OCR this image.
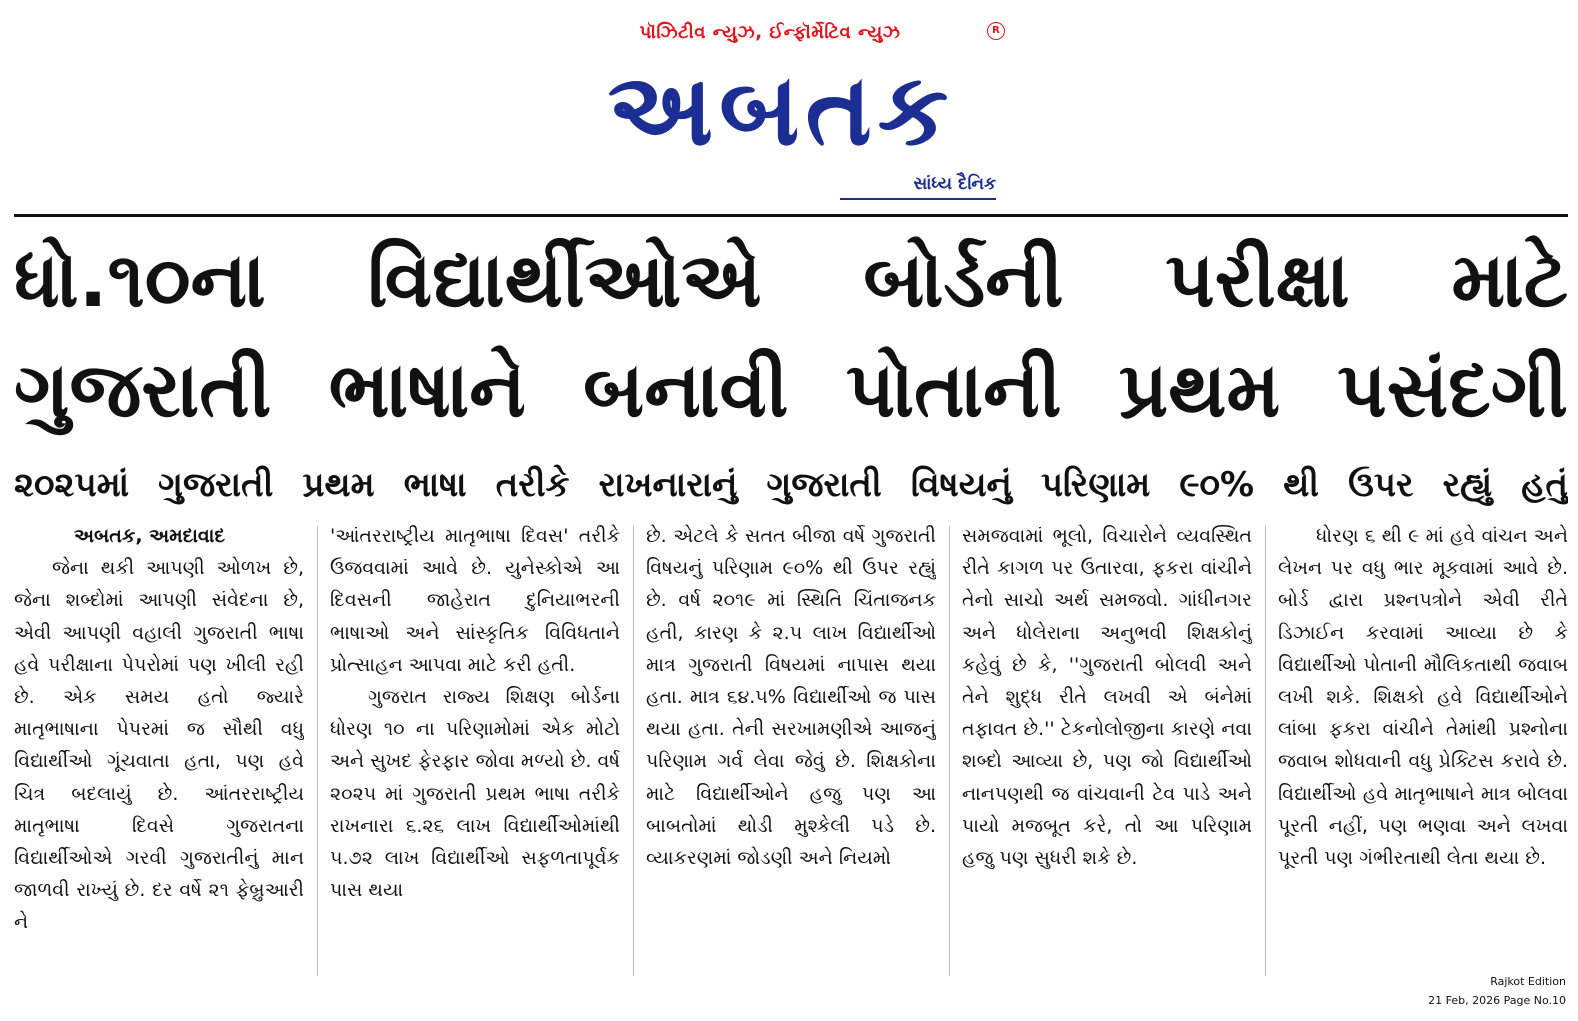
પૉઝિટીવ ન્યુઝ, ઈન્ફૉર્મેટિવ ન્યુઝ	R
અબતક
સાંધ્ય દૈનિક
ધો.૧૦ના વિદ્યાર્થીઓએ બોર્ડની પરીક્ષા માટે
ગુજરાતી ભાષાને બનાવી પોતાની પ્રથમ પસંદગી
૨૦૨૫માં ગુજરાતી પ્રથમ ભાષા તરીકે રાખનારાનું ગુજરાતી વિષયનું પરિણામ ૯૦% થી ઉપર રહ્યું હતું

અબતક, અમદાવાદ

જેના થકી આપણી ઓળખ છે, જેના શબ્દોમાં આપણી સંવેદના છે, એવી આપણી વહાલી ગુજરાતી ભાષા હવે પરીક્ષાના પેપરોમાં પણ ખીલી રહી છે. એક સમય હતો જ્યારે માતૃભાષાના પેપરમાં જ સૌથી વધુ વિદ્યાર્થીઓ ગૂંચવાતા હતા, પણ હવે ચિત્ર બદલાયું છે. આંતરરાષ્ટ્રીય માતૃભાષા દિવસે ગુજરાતના વિદ્યાર્થીઓએ ગરવી ગુજરાતીનું માન જાળવી રાખ્યું છે. દર વર્ષે ૨૧ ફેબ્રુઆરી ને

'આંતરરાષ્ટ્રીય માતૃભાષા દિવસ' તરીકે ઉજવવામાં આવે છે. યુનેસ્કોએ આ દિવસની જાહેરાત દુનિયાભરની ભાષાઓ અને સાંસ્કૃતિક વિવિધતાને પ્રોત્સાહન આપવા માટે કરી હતી.

ગુજરાત રાજ્ય શિક્ષણ બોર્ડના ધોરણ ૧૦ ના પરિણામોમાં એક મોટો અને સુખદ ફેરફાર જોવા મળ્યો છે. વર્ષ ૨૦૨૫ માં ગુજરાતી પ્રથમ ભાષા તરીકે રાખનારા ૬.૨૬ લાખ વિદ્યાર્થીઓમાંથી ૫.૭૨ લાખ વિદ્યાર્થીઓ સફળતાપૂર્વક પાસ થયા

છે. એટલે કે સતત બીજા વર્ષે ગુજરાતી વિષયનું પરિણામ ૯૦% થી ઉપર રહ્યું છે. વર્ષ ૨૦૧૯ માં સ્થિતિ ચિંતાજનક હતી, કારણ કે ૨.૫ લાખ વિદ્યાર્થીઓ માત્ર ગુજરાતી વિષયમાં નાપાસ થયા હતા. માત્ર ૬૪.૫% વિદ્યાર્થીઓ જ પાસ થયા હતા. તેની સરખામણીએ આજનું પરિણામ ગર્વ લેવા જેવું છે. શિક્ષકોના માટે વિદ્યાર્થીઓને હજુ પણ આ બાબતોમાં થોડી મુશ્કેલી પડે છે. વ્યાકરણમાં જોડણી અને નિયમો

સમજવામાં ભૂલો, વિચારોને વ્યવસ્થિત રીતે કાગળ પર ઉતારવા, ફકરા વાંચીને તેનો સાચો અર્થ સમજવો. ગાંધીનગર અને ધોલેરાના અનુભવી શિક્ષકોનું કહેવું છે કે, ''ગુજરાતી બોલવી અને તેને શુદ્ધ રીતે લખવી એ બંનેમાં તફાવત છે.'' ટેકનોલોજીના કારણે નવા શબ્દો આવ્યા છે, પણ જો વિદ્યાર્થીઓ નાનપણથી જ વાંચવાની ટેવ પાડે અને પાયો મજબૂત કરે, તો આ પરિણામ હજુ પણ સુધરી શકે છે.

ધોરણ ૬ થી ૯ માં હવે વાંચન અને લેખન પર વધુ ભાર મૂકવામાં આવે છે. બોર્ડ દ્વારા પ્રશ્નપત્રોને એવી રીતે ડિઝાઈન કરવામાં આવ્યા છે કે વિદ્યાર્થીઓ પોતાની મૌલિકતાથી જવાબ લખી શકે. શિક્ષકો હવે વિદ્યાર્થીઓને લાંબા ફકરા વાંચીને તેમાંથી પ્રશ્નોના જવાબ શોધવાની વધુ પ્રેક્ટિસ કરાવે છે. વિદ્યાર્થીઓ હવે માતૃભાષાને માત્ર બોલવા પૂરતી નહીં, પણ ભણવા અને લખવા પૂરતી પણ ગંભીરતાથી લેતા થયા છે.

Rajkot Edition
21 Feb, 2026 Page No.10
